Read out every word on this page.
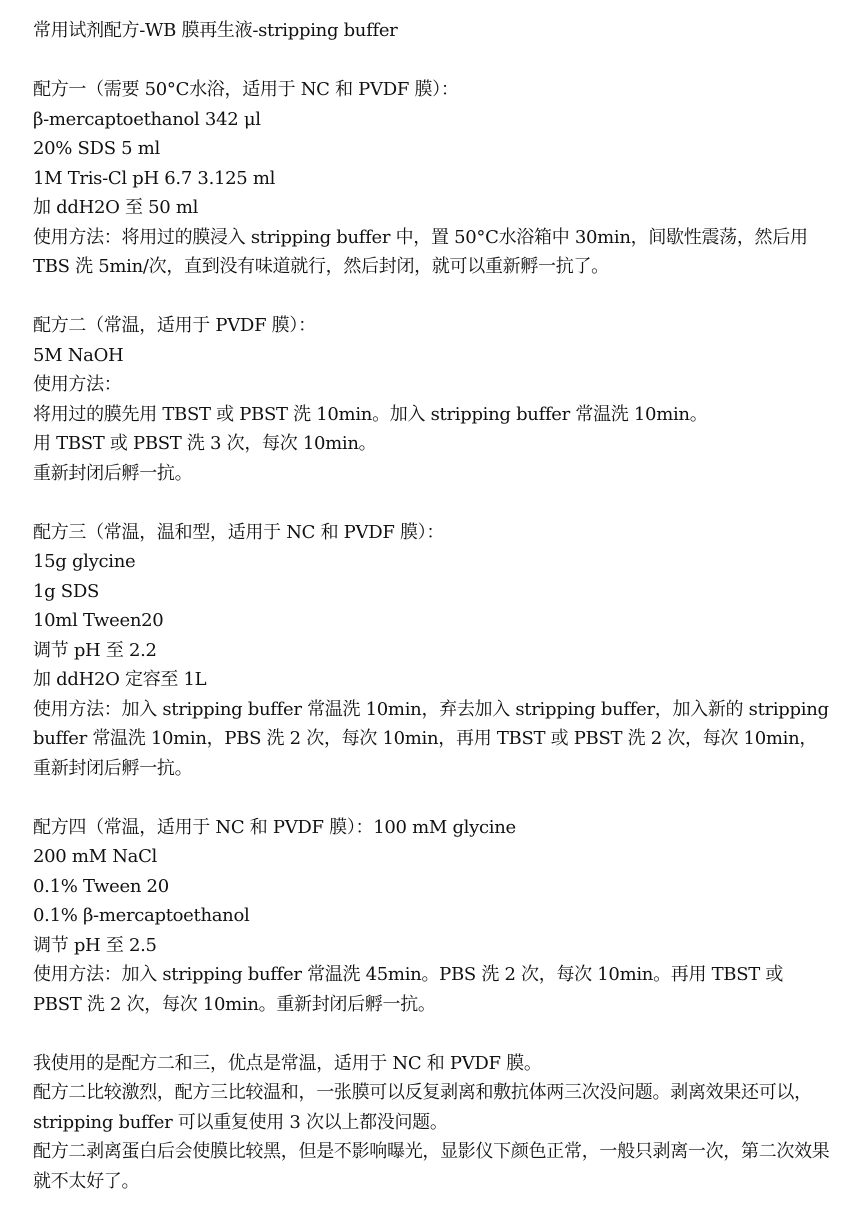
常用试剂配方-WB 膜再生液-stripping buffer
配方一（需要 50°C水浴，适用于 NC 和 PVDF 膜）：
β-mercaptoethanol 342 μl
20% SDS 5 ml
1M Tris-Cl pH 6.7 3.125 ml
加 ddH2O 至 50 ml
使用方法：将用过的膜浸入 stripping buffer 中，置 50°C水浴箱中 30min，间歇性震荡，然后用 TBS 洗 5min/次，直到没有味道就行，然后封闭，就可以重新孵一抗了。
配方二（常温，适用于 PVDF 膜）：
5M NaOH
使用方法：
将用过的膜先用 TBST 或 PBST 洗 10min。加入 stripping buffer 常温洗 10min。
用 TBST 或 PBST 洗 3 次，每次 10min。
重新封闭后孵一抗。
配方三（常温，温和型，适用于 NC 和 PVDF 膜）：
15g glycine
1g SDS
10ml Tween20
调节 pH 至 2.2
加 ddH2O 定容至 1L
使用方法：加入 stripping buffer 常温洗 10min，弃去加入 stripping buffer，加入新的 stripping buffer 常温洗 10min，PBS 洗 2 次，每次 10min，再用 TBST 或 PBST 洗 2 次，每次 10min，重新封闭后孵一抗。
配方四（常温，适用于 NC 和 PVDF 膜）：100 mM glycine
200 mM NaCl
0.1% Tween 20
0.1% β-mercaptoethanol
调节 pH 至 2.5
使用方法：加入 stripping buffer 常温洗 45min。PBS 洗 2 次，每次 10min。再用 TBST 或 PBST 洗 2 次，每次 10min。重新封闭后孵一抗。
我使用的是配方二和三，优点是常温，适用于 NC 和 PVDF 膜。
配方二比较激烈，配方三比较温和，一张膜可以反复剥离和敷抗体两三次没问题。剥离效果还可以，stripping buffer 可以重复使用 3 次以上都没问题。
配方二剥离蛋白后会使膜比较黑，但是不影响曝光，显影仪下颜色正常，一般只剥离一次，第二次效果就不太好了。
